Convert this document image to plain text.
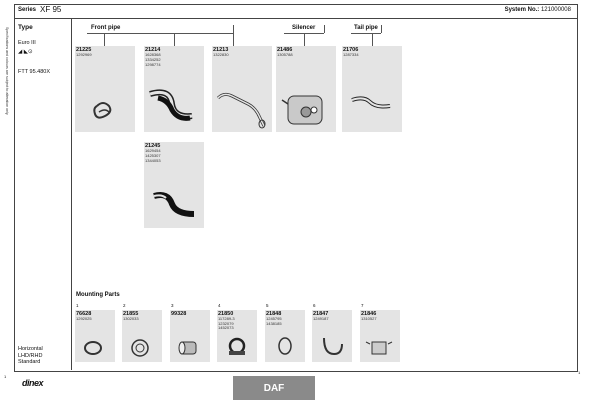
Specifications and colours are subject to alteration only
Series XF 95	System No.: 121000008
Type
Euro III
◢ ◣⊙
FTT 95.480X
Front pipe	Silencer	Tail pipe
21225
1292969
21214
1628368
1334252
1298774
21213
1322830
21486
1305788
21706
1287334
21245
1629454
1425307
1344053
Mounting Parts
1
76628
1292025
2
21855
1302033
3
99328
4
21850
117289-3
1232079
1452073
5
21848
1245795
1438185
6
21847
1249187
7
21846
1310527
Horizontal
LHD/RHD
Standard
1
1
dinex	DAF
